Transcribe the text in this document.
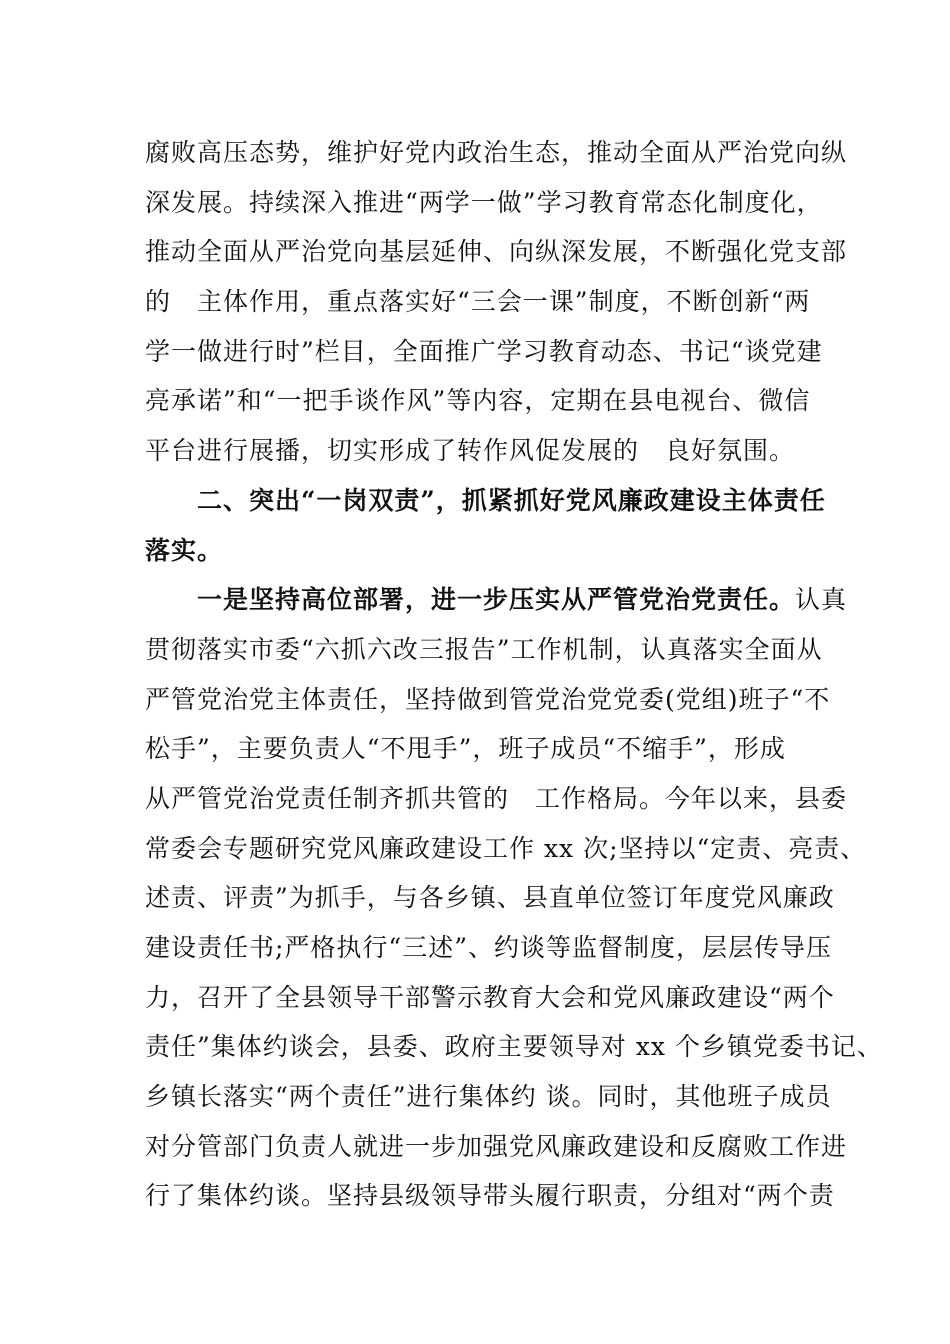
腐败高压态势，维护好党内政治生态，推动全面从严治党向纵
深发展。持续深入推进“两学一做”学习教育常态化制度化，
推动全面从严治党向基层延伸、向纵深发展，不断强化党支部
的　主体作用，重点落实好“三会一课”制度，不断创新“两
学一做进行时”栏目，全面推广学习教育动态、书记“谈党建
亮承诺”和“一把手谈作风”等内容，定期在县电视台、微信
平台进行展播，切实形成了转作风促发展的　良好氛围。
　　二、突出“一岗双责”，抓紧抓好党风廉政建设主体责任
落实。
　　一是坚持高位部署，进一步压实从严管党治党责任。认真
贯彻落实市委“六抓六改三报告”工作机制，认真落实全面从
严管党治党主体责任，坚持做到管党治党党委(党组)班子“不
松手”，主要负责人“不甩手”，班子成员“不缩手”，形成
从严管党治党责任制齐抓共管的　工作格局。今年以来，县委
常委会专题研究党风廉政建设工作 xx 次;坚持以“定责、亮责、
述责、评责”为抓手，与各乡镇、县直单位签订年度党风廉政
建设责任书;严格执行“三述”、约谈等监督制度，层层传导压
力，召开了全县领导干部警示教育大会和党风廉政建设“两个
责任”集体约谈会，县委、政府主要领导对 xx 个乡镇党委书记、
乡镇长落实“两个责任”进行集体约 谈。同时，其他班子成员
对分管部门负责人就进一步加强党风廉政建设和反腐败工作进
行了集体约谈。坚持县级领导带头履行职责，分组对“两个责
